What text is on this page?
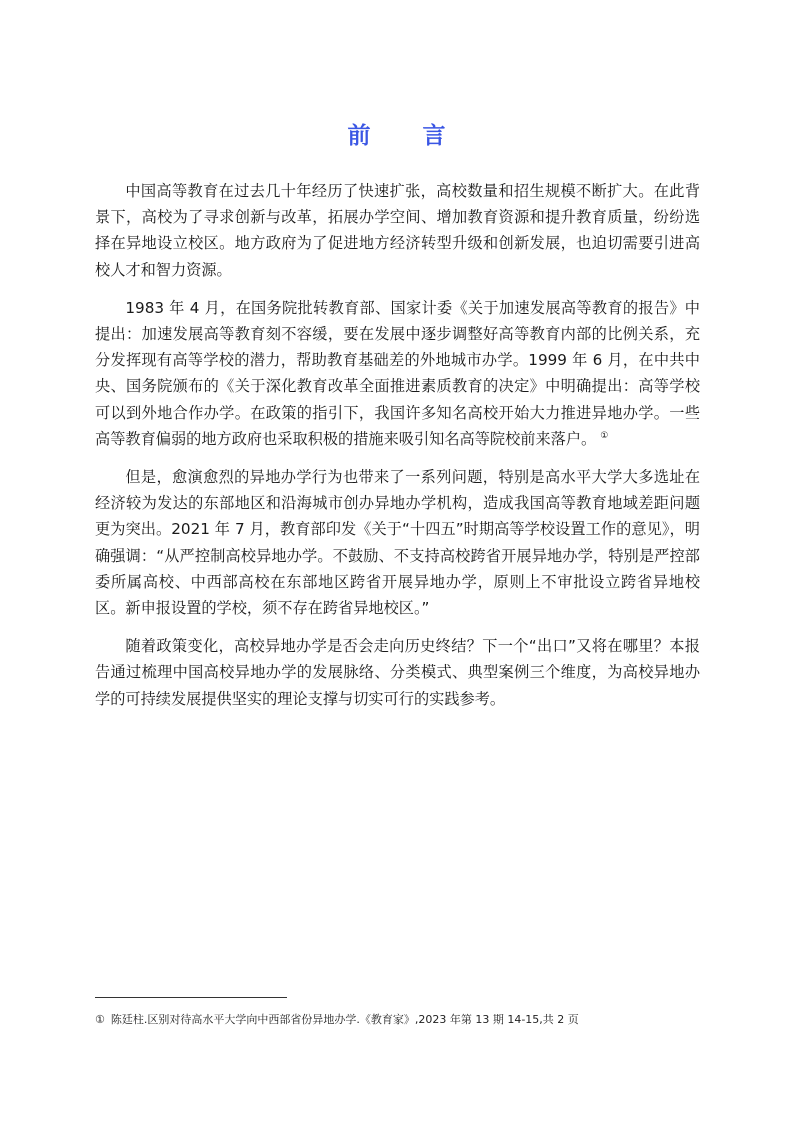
前 言

中国高等教育在过去几十年经历了快速扩张，高校数量和招生规模不断扩大。在此背景下，高校为了寻求创新与改革，拓展办学空间、增加教育资源和提升教育质量，纷纷选择在异地设立校区。地方政府为了促进地方经济转型升级和创新发展，也迫切需要引进高校人才和智力资源。

1983 年 4 月，在国务院批转教育部、国家计委《关于加速发展高等教育的报告》中提出：加速发展高等教育刻不容缓，要在发展中逐步调整好高等教育内部的比例关系，充分发挥现有高等学校的潜力，帮助教育基础差的外地城市办学。1999 年 6 月，在中共中央、国务院颁布的《关于深化教育改革全面推进素质教育的决定》中明确提出：高等学校可以到外地合作办学。在政策的指引下，我国许多知名高校开始大力推进异地办学。一些高等教育偏弱的地方政府也采取积极的措施来吸引知名高等院校前来落户。 ①

但是，愈演愈烈的异地办学行为也带来了一系列问题，特别是高水平大学大多选址在经济较为发达的东部地区和沿海城市创办异地办学机构，造成我国高等教育地域差距问题更为突出。2021 年 7 月，教育部印发《关于“十四五”时期高等学校设置工作的意见》，明确强调：“从严控制高校异地办学。不鼓励、不支持高校跨省开展异地办学，特别是严控部委所属高校、中西部高校在东部地区跨省开展异地办学，原则上不审批设立跨省异地校区。新申报设置的学校，须不存在跨省异地校区。”

随着政策变化，高校异地办学是否会走向历史终结？下一个“出口”又将在哪里？本报告通过梳理中国高校异地办学的发展脉络、分类模式、典型案例三个维度，为高校异地办学的可持续发展提供坚实的理论支撑与切实可行的实践参考。

① 陈廷柱.区别对待高水平大学向中西部省份异地办学.《教育家》,2023 年第 13 期 14-15,共 2 页
